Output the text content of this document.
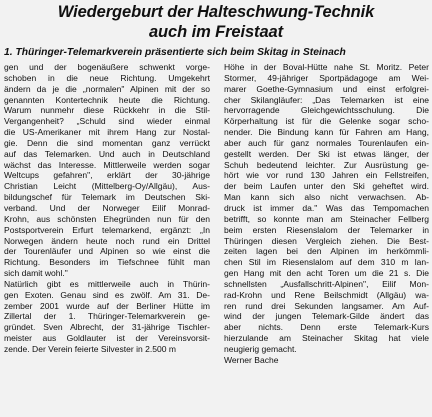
Wiedergeburt der Halteschwung-Technik
auch im Freistaat
1. Thüringer-Telemarkverein präsentierte sich beim Skitag in Steinach
gen und der bogenäußere schwenkt vorge-
schoben in die neue Richtung. Umgekehrt
ändern da je die „normalen" Alpinen mit der so
genannten Kontertechnik heute die Richtung.
Warum nunmehr diese Rückkehr in die Stil-
Vergangenheit? „Schuld sind wieder einmal
die US-Amerikaner mit ihrem Hang zur Nostal-
gie. Denn die sind momentan ganz verrückt
auf das Telemarken. Und auch in Deutschland
wächst das Interesse. Mittlerweile werden sogar
Weltcups gefahren", erklärt der 30-jährige
Christian Leicht (Mittelberg-Oy/Allgäu), Aus-
bildungschef für Telemark im Deutschen Ski-
verband. Und der Norweger Eilif Monrad-
Krohn, aus schönsten Ehegründen nun für den
Postsportverein Erfurt telemarkend, ergänzt: „In
Norwegen ändern heute noch rund ein Drittel
der Tourenläufer und Alpinen so wie einst die
Richtung. Besonders im Tiefschnee fühlt man
sich damit wohl."
Natürlich gibt es mittlerweile auch in Thürin-
gen Exoten. Genau sind es zwölf. Am 31. De-
zember 2001 wurde auf der Berliner Hütte im
Zillertal der 1. Thüringer-Telemarkverein ge-
gründet. Sven Albrecht, der 31-jährige Tischler-
meister aus Goldlauter ist der Vereinsvorsit-
zende. Der Verein feierte Silvester in 2.500 m
Höhe in der Boval-Hütte nahe St. Moritz. Peter
Stormer, 49-jähriger Sportpädagoge am Wei-
marer Goethe-Gymnasium und einst erfolgrei-
cher Skilangläufer: „Das Telemarken ist eine
hervorragende Gleichgewichtsschulung. Die
Körperhaltung ist für die Gelenke sogar scho-
nender. Die Bindung kann für Fahren am Hang,
aber auch für ganz normales Tourenlaufen ein-
gestellt werden. Der Ski ist etwas länger, der
Schuh bedeutend leichter. Zur Ausrüstung ge-
hört wie vor rund 130 Jahren ein Fellstreifen,
der beim Laufen unter den Ski geheftet wird.
Man kann sich also nicht verwachsen. Ab-
druck ist immer da." Was das Tempomachen
betrifft, so konnte man am Steinacher Fellberg
beim ersten Riesenslalom der Telemarker in
Thüringen diesen Vergleich ziehen. Die Best-
zeiten lagen bei den Alpinen im herkömmli-
chen Stil im Riesenslalom auf dem 310 m lan-
gen Hang mit den acht Toren um die 21 s. Die
schnellsten „Ausfallschritt-Alpinen", Eilif Mon-
rad-Krohn und Rene Beilschmidt (Allgäu) wa-
ren rund drei Sekunden langsamer. Am Auf-
wind der jungen Telemark-Gilde ändert das
aber nichts. Denn erste Telemark-Kurs
hierzulande am Steinacher Skitag hat viele
neugierig gemacht.
Werner Bache
